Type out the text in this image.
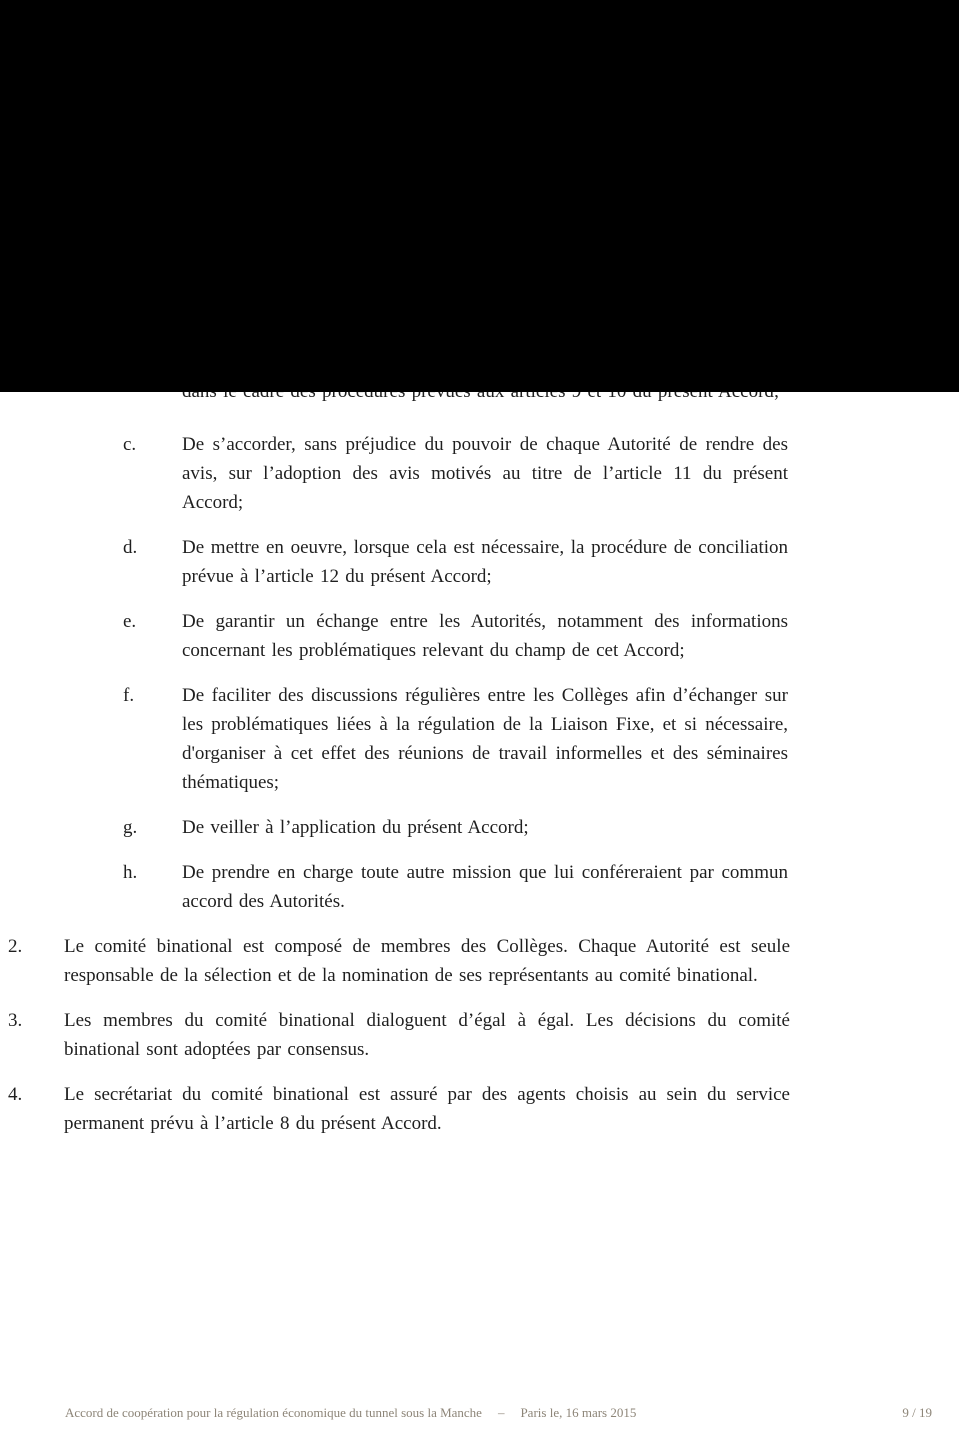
c.	De s’accorder, sans préjudice du pouvoir de chaque Autorité de rendre des avis, sur l’adoption des avis motivés au titre de l’article 11 du présent Accord;
d.	De mettre en oeuvre, lorsque cela est nécessaire, la procédure de conciliation prévue à l’article 12 du présent Accord;
e.	De garantir un échange entre les Autorités, notamment des informations concernant les problématiques relevant du champ de cet Accord;
f.	De faciliter des discussions régulières entre les Collèges afin d’échanger sur les problématiques liées à la régulation de la Liaison Fixe, et si nécessaire, d'organiser à cet effet des réunions de travail informelles et des séminaires thématiques;
g.	De veiller à l’application du présent Accord;
h.	De prendre en charge toute autre mission que lui conféreraient par commun accord des Autorités.
2.	Le comité binational est composé de membres des Collèges. Chaque Autorité est seule responsable de la sélection et de la nomination de ses représentants au comité binational.
3.	Les membres du comité binational dialoguent d’égal à égal. Les décisions du comité binational sont adoptées par consensus.
4.	Le secrétariat du comité binational est assuré par des agents choisis au sein du service permanent prévu à l’article 8 du présent Accord.
Accord de coopération pour la régulation économique du tunnel sous la Manche – Paris le, 16 mars 2015	9 / 19
